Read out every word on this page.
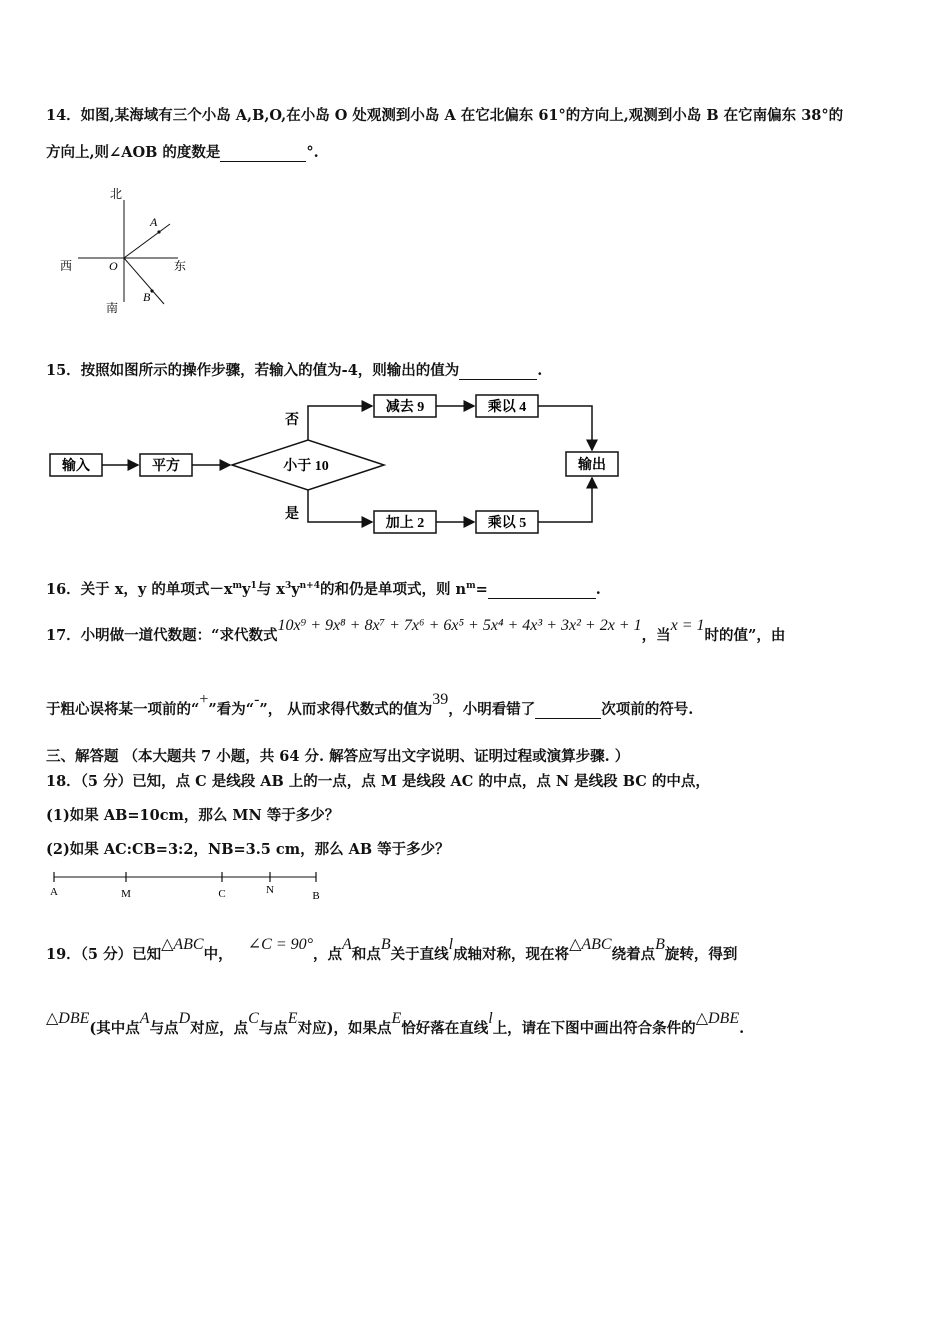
14．如图,某海域有三个小岛 A,B,O,在小岛 O 处观测到小岛 A 在它北偏东 61°的方向上,观测到小岛 B 在它南偏东 38°的
方向上,则∠AOB 的度数是	°.
北
南
西	东
A
B
O
15．按照如图所示的操作步骤，若输入的值为-4，则输出的值为	.
输入	平方	小于 10
否
是
减去 9	乘以 4
加上 2	乘以 5
输出
16．关于 x，y 的单项式$-x^my^1$与 $x^3y^{n+4}$的和仍是单项式，则 $n^m=$	.
17．小明做一道代数题：“求代数式10x⁹ + 9x⁸ + 8x⁷ + 7x⁶ + 6x⁵ + 5x⁴ + 4x³ + 3x² + 2x + 1，当x = 1时的值”，由
于粗心误将某一项前的“+”看为“-”， 从而求得代数式的值为39，小明看错了	次项前的符号.
三、解答题 （本大题共 7 小题，共 64 分. 解答应写出文字说明、证明过程或演算步骤. ）
18．（5 分）已知，点 C 是线段 AB 上的一点，点 M 是线段 AC 的中点，点 N 是线段 BC 的中点，
(1)如果 AB=10cm，那么 MN 等于多少？
(2)如果 AC:CB=3:2，NB=3.5 cm，那么 AB 等于多少？
A	M	C	N	B
19．（5 分）已知△ABC中，   ∠C = 90°，点A和点B关于直线l成轴对称，现在将△ABC绕着点B旋转，得到
△DBE(其中点A与点D对应，点C与点E对应)，如果点E恰好落在直线l上，请在下图中画出符合条件的△DBE.
